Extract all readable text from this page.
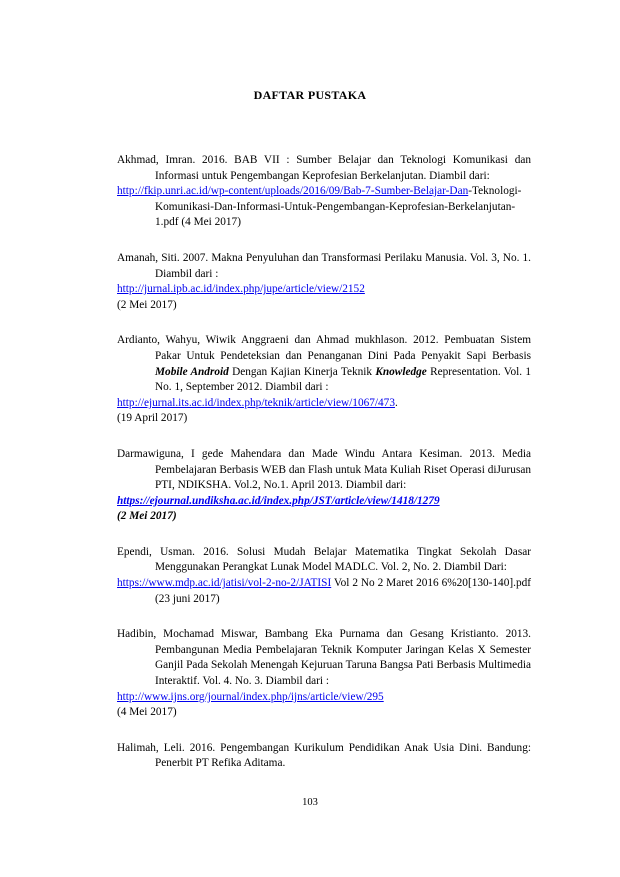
DAFTAR PUSTAKA

Akhmad, Imran. 2016. BAB VII : Sumber Belajar dan Teknologi Komunikasi dan Informasi untuk Pengembangan Keprofesian Berkelanjutan. Diambil dari:
http://fkip.unri.ac.id/wp-content/uploads/2016/09/Bab-7-Sumber-Belajar-Dan-Teknologi-Komunikasi-Dan-Informasi-Untuk-Pengembangan-Keprofesian-Berkelanjutan-1.pdf (4 Mei 2017)

Amanah, Siti. 2007. Makna Penyuluhan dan Transformasi Perilaku Manusia. Vol. 3, No. 1. Diambil dari :
http://jurnal.ipb.ac.id/index.php/jupe/article/view/2152
(2 Mei 2017)

Ardianto, Wahyu, Wiwik Anggraeni dan Ahmad mukhlason. 2012. Pembuatan Sistem Pakar Untuk Pendeteksian dan Penanganan Dini Pada Penyakit Sapi Berbasis Mobile Android Dengan Kajian Kinerja Teknik Knowledge Representation. Vol. 1 No. 1, September 2012. Diambil dari :
http://ejurnal.its.ac.id/index.php/teknik/article/view/1067/473.
(19 April 2017)

Darmawiguna, I gede Mahendara dan Made Windu Antara Kesiman. 2013. Media Pembelajaran Berbasis WEB dan Flash untuk Mata Kuliah Riset Operasi diJurusan PTI, NDIKSHA. Vol.2, No.1. April 2013. Diambil dari:
https://ejournal.undiksha.ac.id/index.php/JST/article/view/1418/1279
(2 Mei 2017)

Ependi, Usman. 2016. Solusi Mudah Belajar Matematika Tingkat Sekolah Dasar Menggunakan Perangkat Lunak Model MADLC. Vol. 2, No. 2. Diambil Dari:
https://www.mdp.ac.id/jatisi/vol-2-no-2/JATISI Vol 2 No 2 Maret 2016 6%20[130-140].pdf (23 juni 2017)

Hadibin, Mochamad Miswar, Bambang Eka Purnama dan Gesang Kristianto. 2013. Pembangunan Media Pembelajaran Teknik Komputer Jaringan Kelas X Semester Ganjil Pada Sekolah Menengah Kejuruan Taruna Bangsa Pati Berbasis Multimedia Interaktif. Vol. 4. No. 3. Diambil dari :
http://www.ijns.org/journal/index.php/ijns/article/view/295
(4 Mei 2017)

Halimah, Leli. 2016. Pengembangan Kurikulum Pendidikan Anak Usia Dini. Bandung: Penerbit PT Refika Aditama.

103
